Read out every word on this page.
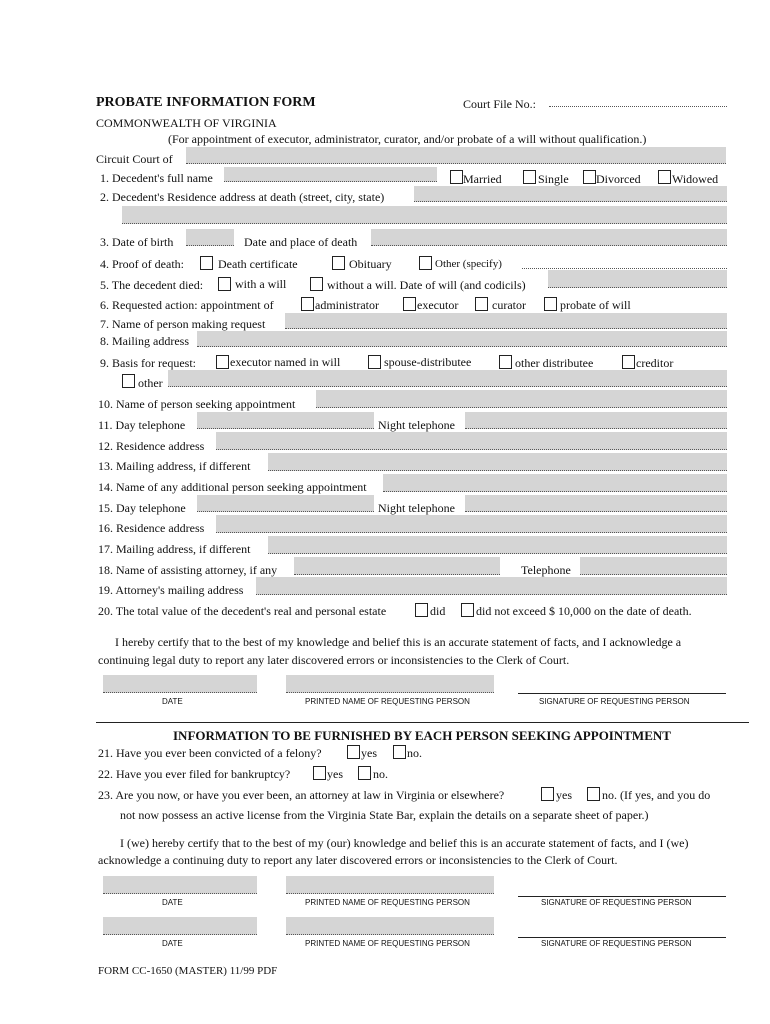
PROBATE INFORMATION FORM	Court File No.:
COMMONWEALTH OF VIRGINIA
(For appointment of executor, administrator, curator, and/or probate of a will without qualification.)
Circuit Court of
1. Decedent's full name	Married	Single Divorced	Widowed
2. Decedent's Residence address at death (street, city, state)
3. Date of birth	Date and place of death
4. Proof of death:	Death certificate	Obituary	Other (specify)
5. The decedent died:	with a will	without a will. Date of will (and codicils)
6. Requested action: appointment of	administrator	executor	curator	probate of will
7. Name of person making request
8. Mailing address
9. Basis for request:	executor named in will	spouse-distributee	other distributee	creditor
other
10. Name of person seeking appointment
11. Day telephone	Night telephone
12. Residence address
13. Mailing address, if different
14. Name of any additional person seeking appointment
15. Day telephone	Night telephone
16. Residence address
17. Mailing address, if different
18. Name of assisting attorney, if any	Telephone
19. Attorney's mailing address
20. The total value of the decedent's real and personal estate	did	did not exceed $ 10,000 on the date of death.
I hereby certify that to the best of my knowledge and belief this is an accurate statement of facts, and I acknowledge a
continuing legal duty to report any later discovered errors or inconsistencies to the Clerk of Court.
DATE	PRINTED NAME OF REQUESTING PERSON	SIGNATURE OF REQUESTING PERSON
INFORMATION TO BE FURNISHED BY EACH PERSON SEEKING APPOINTMENT
21. Have you ever been convicted of a felony?	yes	no.
22. Have you ever filed for bankruptcy?	yes	no.
23. Are you now, or have you ever been, an attorney at law in Virginia or elsewhere?	yes	no. (If yes, and you do
not now possess an active license from the Virginia State Bar, explain the details on a separate sheet of paper.)
I (we) hereby certify that to the best of my (our) knowledge and belief this is an accurate statement of facts, and I (we)
acknowledge a continuing duty to report any later discovered errors or inconsistencies to the Clerk of Court.
DATE	PRINTED NAME OF REQUESTING PERSON	SIGNATURE OF REQUESTING PERSON
DATE	PRINTED NAME OF REQUESTING PERSON	SIGNATURE OF REQUESTING PERSON
FORM CC-1650 (MASTER) 11/99 PDF
